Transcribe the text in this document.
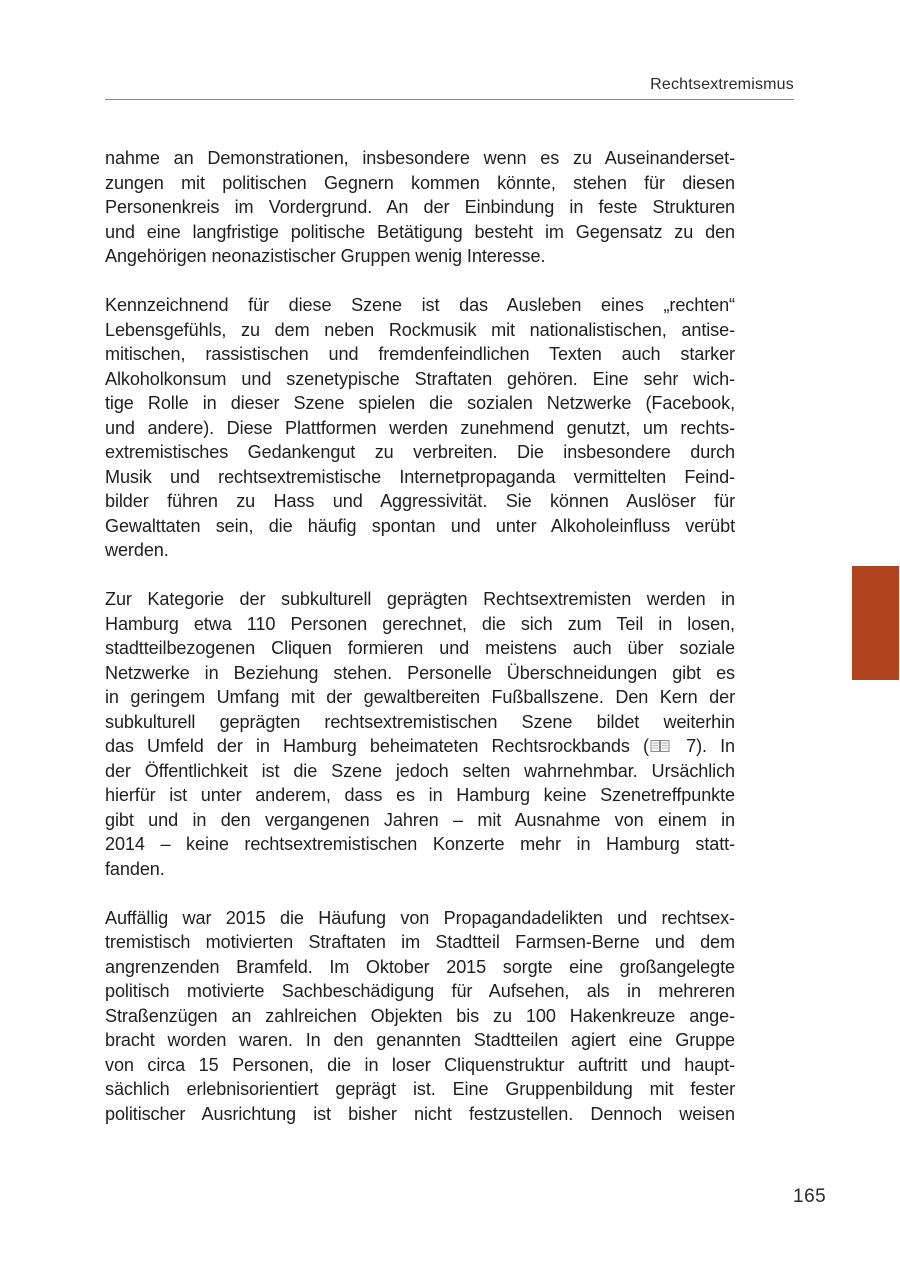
Rechtsextremismus

nahme an Demonstrationen, insbesondere wenn es zu Auseinanderset-
zungen mit politischen Gegnern kommen könnte, stehen für diesen
Personenkreis im Vordergrund. An der Einbindung in feste Strukturen
und eine langfristige politische Betätigung besteht im Gegensatz zu den
Angehörigen neonazistischer Gruppen wenig Interesse.

Kennzeichnend für diese Szene ist das Ausleben eines „rechten“
Lebensgefühls, zu dem neben Rockmusik mit nationalistischen, antise-
mitischen, rassistischen und fremdenfeindlichen Texten auch starker
Alkoholkonsum und szenetypische Straftaten gehören. Eine sehr wich-
tige Rolle in dieser Szene spielen die sozialen Netzwerke (Facebook,
und andere). Diese Plattformen werden zunehmend genutzt, um rechts-
extremistisches Gedankengut zu verbreiten. Die insbesondere durch
Musik und rechtsextremistische Internetpropaganda vermittelten Feind-
bilder führen zu Hass und Aggressivität. Sie können Auslöser für
Gewalttaten sein, die häufig spontan und unter Alkoholeinfluss verübt
werden.

Zur Kategorie der subkulturell geprägten Rechtsextremisten werden in
Hamburg etwa 110 Personen gerechnet, die sich zum Teil in losen,
stadtteilbezogenen Cliquen formieren und meistens auch über soziale
Netzwerke in Beziehung stehen. Personelle Überschneidungen gibt es
in geringem Umfang mit der gewaltbereiten Fußballszene. Den Kern der
subkulturell geprägten rechtsextremistischen Szene bildet weiterhin
das Umfeld der in Hamburg beheimateten Rechtsrockbands ( 7). In
der Öffentlichkeit ist die Szene jedoch selten wahrnehmbar. Ursächlich
hierfür ist unter anderem, dass es in Hamburg keine Szenetreffpunkte
gibt und in den vergangenen Jahren – mit Ausnahme von einem in
2014 – keine rechtsextremistischen Konzerte mehr in Hamburg statt-
fanden.

Auffällig war 2015 die Häufung von Propagandadelikten und rechtsex-
tremistisch motivierten Straftaten im Stadtteil Farmsen-Berne und dem
angrenzenden Bramfeld. Im Oktober 2015 sorgte eine großangelegte
politisch motivierte Sachbeschädigung für Aufsehen, als in mehreren
Straßenzügen an zahlreichen Objekten bis zu 100 Hakenkreuze ange-
bracht worden waren. In den genannten Stadtteilen agiert eine Gruppe
von circa 15 Personen, die in loser Cliquenstruktur auftritt und haupt-
sächlich erlebnisorientiert geprägt ist. Eine Gruppenbildung mit fester
politischer Ausrichtung ist bisher nicht festzustellen. Dennoch weisen

165
